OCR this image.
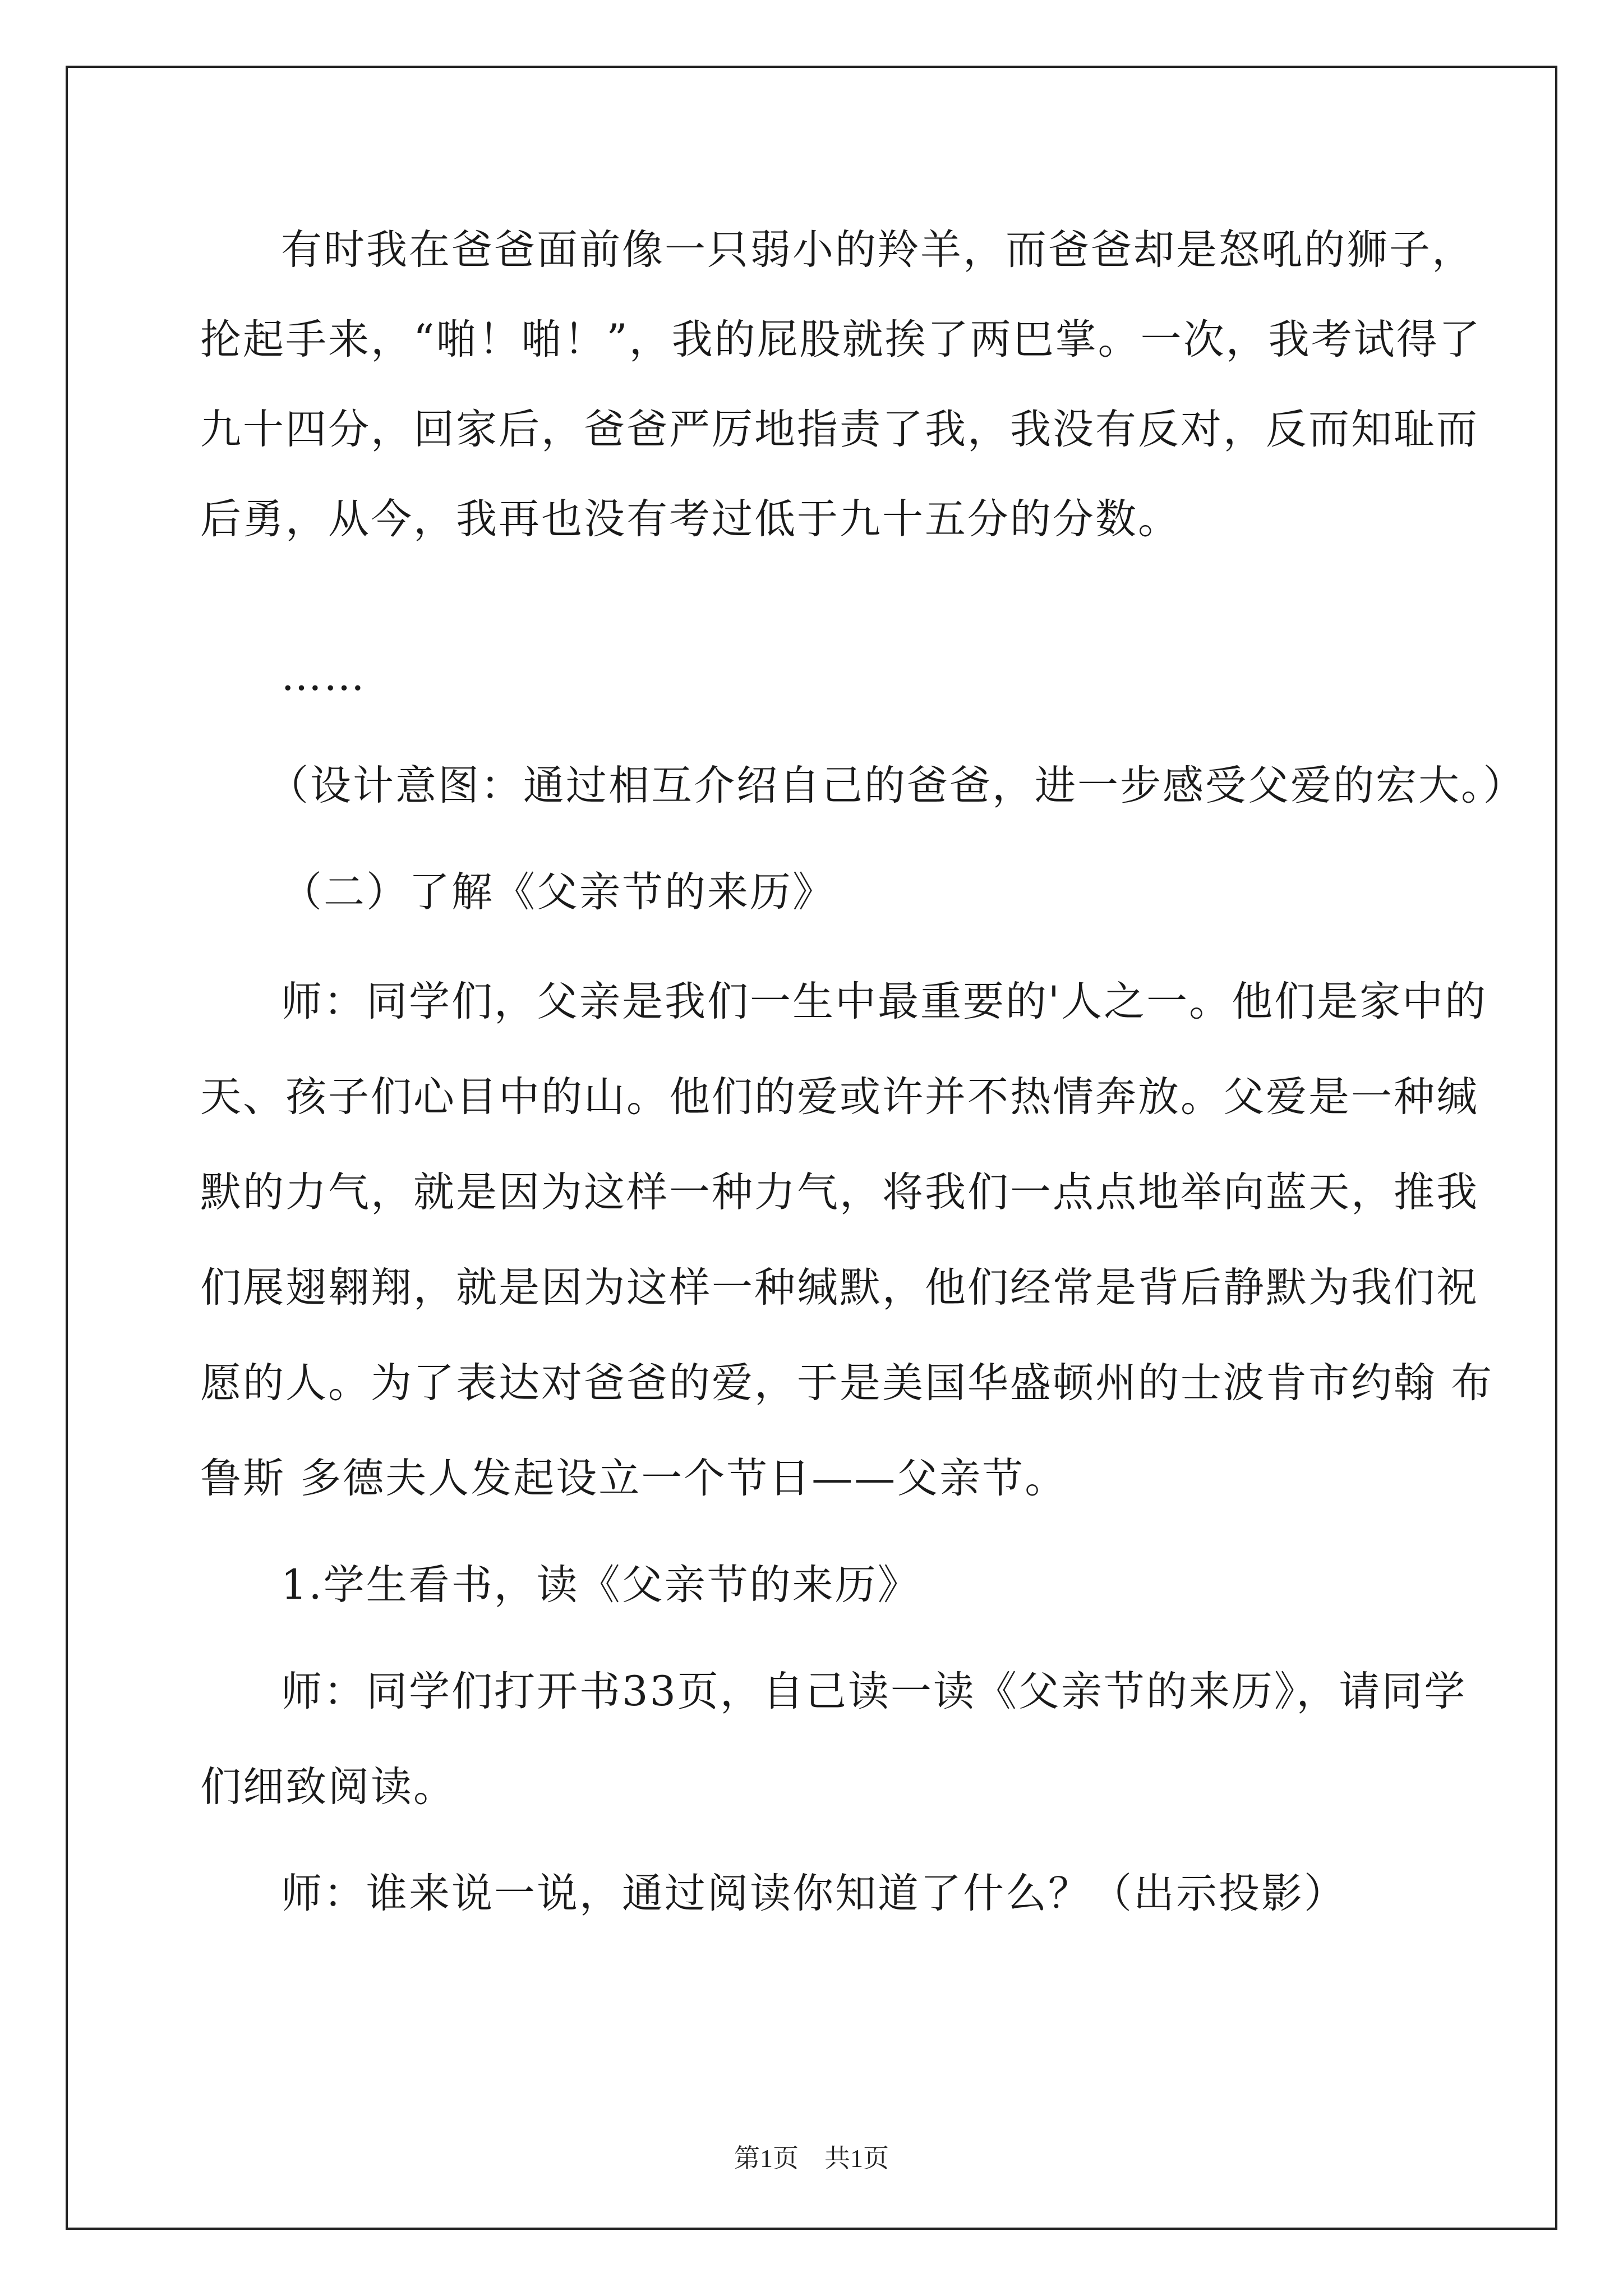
有时我在爸爸面前像一只弱小的羚羊，而爸爸却是怒吼的狮子，
抡起手来，“啪！啪！”，我的屁股就挨了两巴掌。一次，我考试得了
九十四分，回家后，爸爸严厉地指责了我，我没有反对，反而知耻而
后勇，从今，我再也没有考过低于九十五分的分数。
……
（设计意图：通过相互介绍自己的爸爸，进一步感受父爱的宏大。）
（二）了解《父亲节的来历》
师：同学们，父亲是我们一生中最重要的'人之一。他们是家中的
天、孩子们心目中的山。他们的爱或许并不热情奔放。父爱是一种缄
默的力气，就是因为这样一种力气，将我们一点点地举向蓝天，推我
们展翅翱翔，就是因为这样一种缄默，他们经常是背后静默为我们祝
愿的人。为了表达对爸爸的爱，于是美国华盛顿州的士波肯市约翰 布
鲁斯 多德夫人发起设立一个节日——父亲节。
1.学生看书，读《父亲节的来历》
师：同学们打开书33页，自己读一读《父亲节的来历》，请同学
们细致阅读。
师：谁来说一说，通过阅读你知道了什么？（出示投影）
第1页　共1页
